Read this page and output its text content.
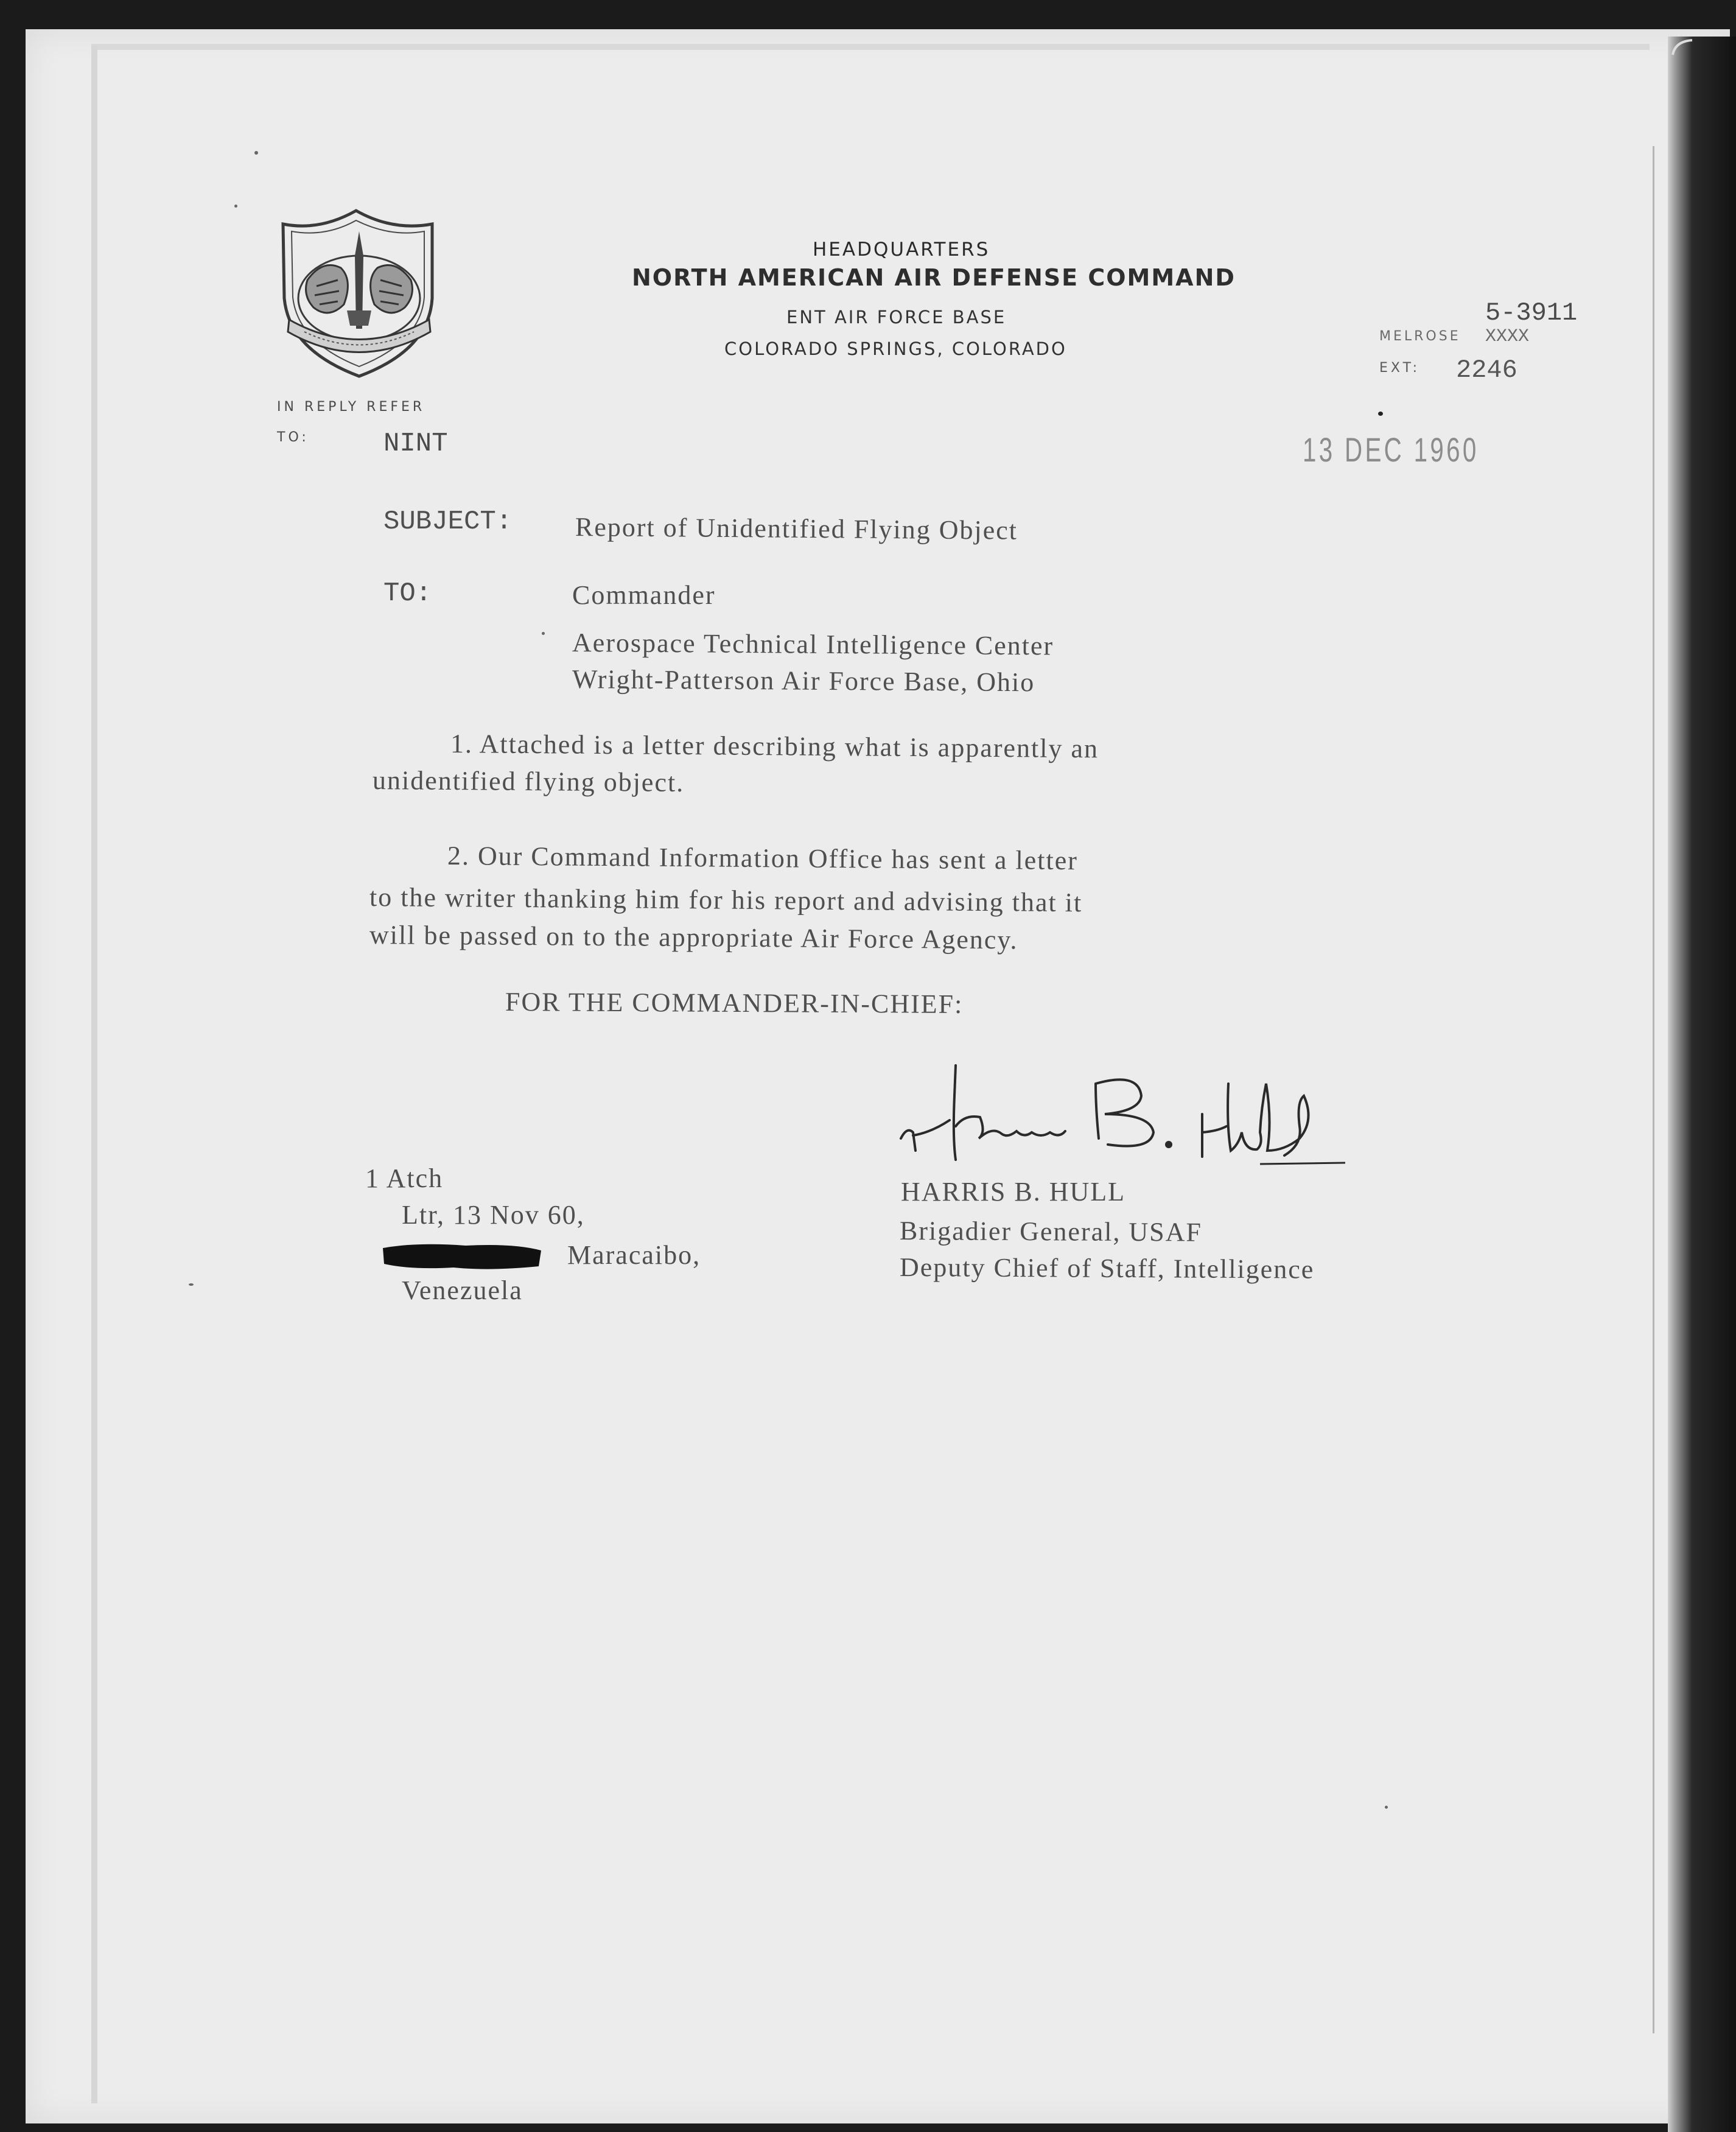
HEADQUARTERS
NORTH AMERICAN AIR DEFENSE COMMAND
ENT AIR FORCE BASE
COLORADO SPRINGS, COLORADO
5-3911
MELROSE XXXX
EXT: 2246
IN REPLY REFER
TO:	NINT	13 DEC 1960
SUBJECT: Report of Unidentified Flying Object
TO:	Commander
Aerospace Technical Intelligence Center
Wright-Patterson Air Force Base, Ohio
1. Attached is a letter describing what is apparently an
unidentified flying object.
2. Our Command Information Office has sent a letter
to the writer thanking him for his report and advising that it
will be passed on to the appropriate Air Force Agency.
FOR THE COMMANDER-IN-CHIEF:
HARRIS B. HULL
Brigadier General, USAF
Deputy Chief of Staff, Intelligence
1 Atch
Ltr, 13 Nov 60,
Maracaibo,
Venezuela
